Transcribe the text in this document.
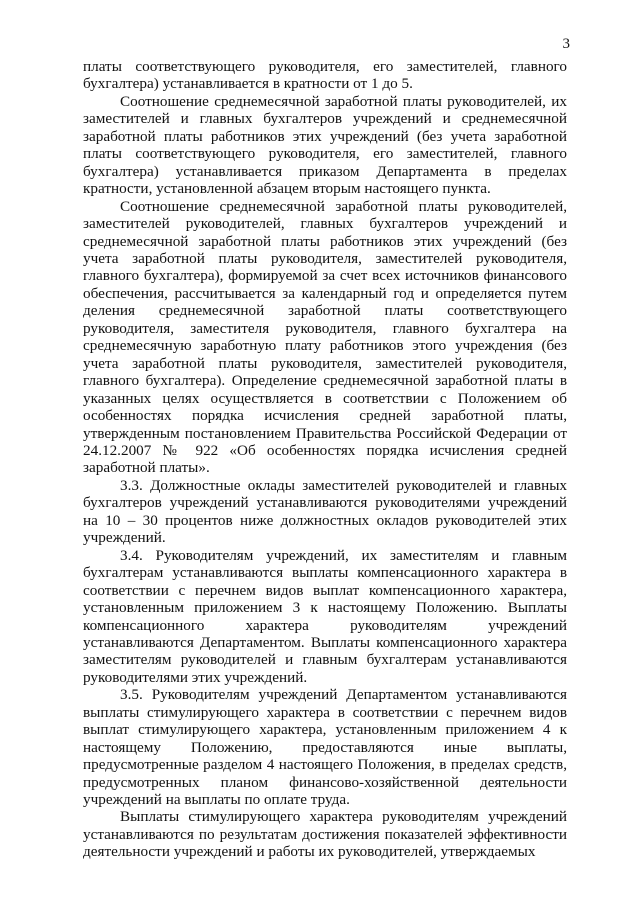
3

платы соответствующего руководителя, его заместителей, главного бухгалтера) устанавливается в кратности от 1 до 5.

Соотношение среднемесячной заработной платы руководителей, их заместителей и главных бухгалтеров учреждений и среднемесячной заработной платы работников этих учреждений (без учета заработной платы соответствующего руководителя, его заместителей, главного бухгалтера) устанавливается приказом Департамента в пределах кратности, установленной абзацем вторым настоящего пункта.

Соотношение среднемесячной заработной платы руководителей, заместителей руководителей, главных бухгалтеров учреждений и среднемесячной заработной платы работников этих учреждений (без учета заработной платы руководителя, заместителей руководителя, главного бухгалтера), формируемой за счет всех источников финансового обеспечения, рассчитывается за календарный год и определяется путем деления среднемесячной заработной платы соответствующего руководителя, заместителя руководителя, главного бухгалтера на среднемесячную заработную плату работников этого учреждения (без учета заработной платы руководителя, заместителей руководителя, главного бухгалтера). Определение среднемесячной заработной платы в указанных целях осуществляется в соответствии с Положением об особенностях порядка исчисления средней заработной платы, утвержденным постановлением Правительства Российской Федерации от 24.12.2007 № 922 «Об особенностях порядка исчисления средней заработной платы».

3.3. Должностные оклады заместителей руководителей и главных бухгалтеров учреждений устанавливаются руководителями учреждений на 10 – 30 процентов ниже должностных окладов руководителей этих учреждений.

3.4. Руководителям учреждений, их заместителям и главным бухгалтерам устанавливаются выплаты компенсационного характера в соответствии с перечнем видов выплат компенсационного характера, установленным приложением 3 к настоящему Положению. Выплаты компенсационного характера руководителям учреждений устанавливаются Департаментом. Выплаты компенсационного характера заместителям руководителей и главным бухгалтерам устанавливаются руководителями этих учреждений.

3.5. Руководителям учреждений Департаментом устанавливаются выплаты стимулирующего характера в соответствии с перечнем видов выплат стимулирующего характера, установленным приложением 4 к настоящему Положению, предоставляются иные выплаты, предусмотренные разделом 4 настоящего Положения, в пределах средств, предусмотренных планом финансово-хозяйственной деятельности учреждений на выплаты по оплате труда.

Выплаты стимулирующего характера руководителям учреждений устанавливаются по результатам достижения показателей эффективности деятельности учреждений и работы их руководителей, утверждаемых
